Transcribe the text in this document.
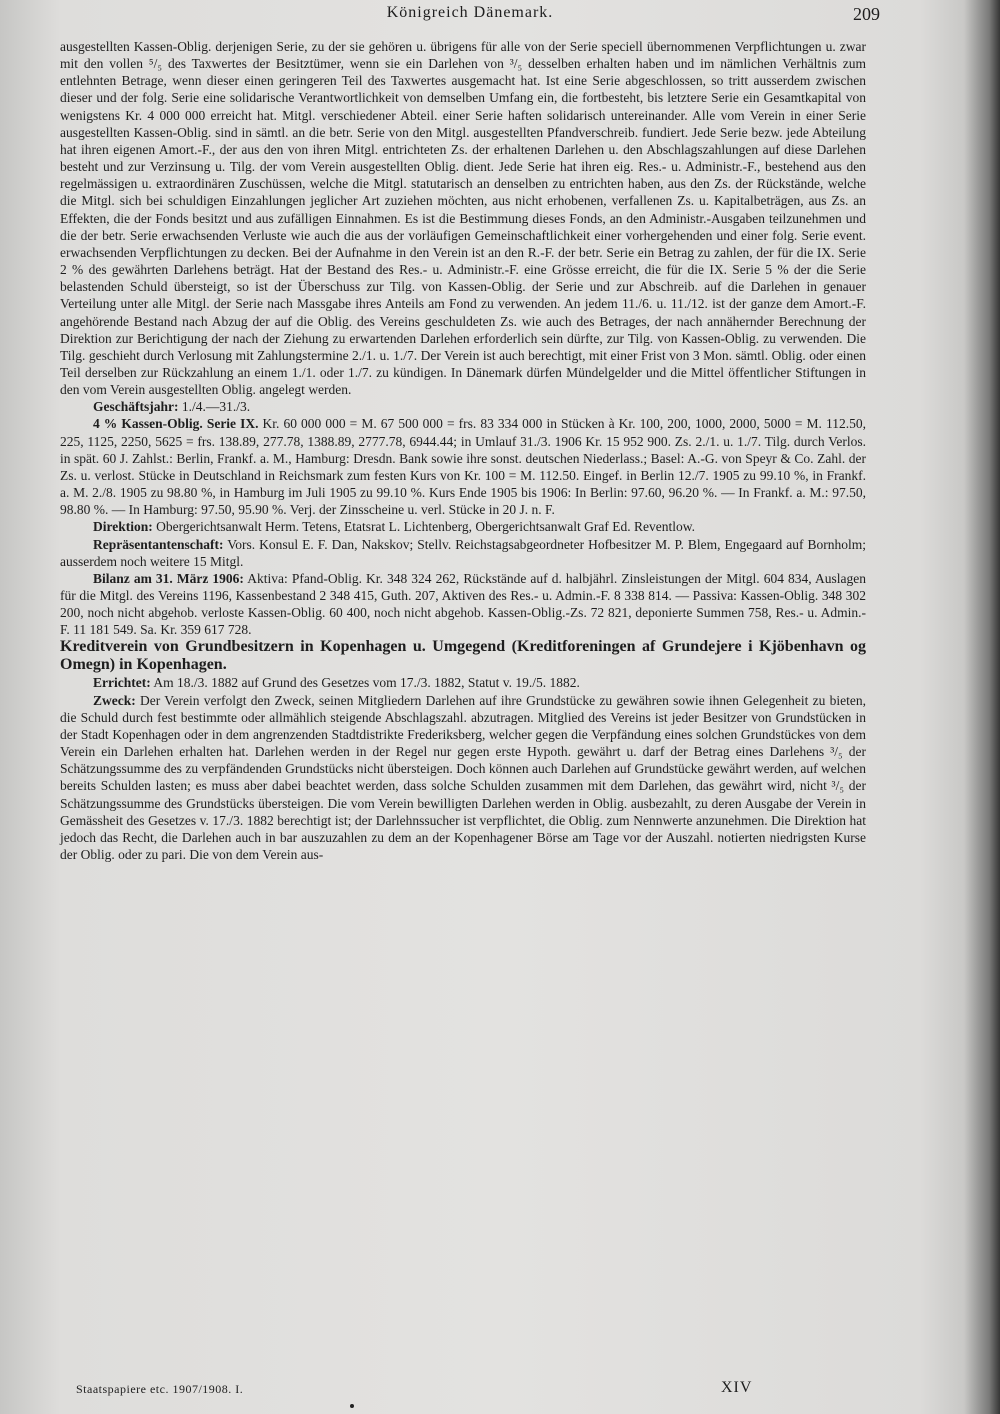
Königreich Dänemark.	209

ausgestellten Kassen-Oblig. derjenigen Serie, zu der sie gehören u. übrigens für alle von der Serie speciell übernommenen Verpflichtungen u. zwar mit den vollen ⁵/₅ des Taxwertes der Besitztümer, wenn sie ein Darlehen von ³/₅ desselben erhalten haben und im nämlichen Verhältnis zum entlehnten Betrage, wenn dieser einen geringeren Teil des Taxwertes ausgemacht hat. Ist eine Serie abgeschlossen, so tritt ausserdem zwischen dieser und der folg. Serie eine solidarische Verantwortlichkeit von demselben Umfang ein, die fortbesteht, bis letztere Serie ein Gesamtkapital von wenigstens Kr. 4 000 000 erreicht hat. Mitgl. verschiedener Abteil. einer Serie haften solidarisch untereinander. Alle vom Verein in einer Serie ausgestellten Kassen-Oblig. sind in sämtl. an die betr. Serie von den Mitgl. ausgestellten Pfandverschreib. fundiert. Jede Serie bezw. jede Abteilung hat ihren eigenen Amort.-F., der aus den von ihren Mitgl. entrichteten Zs. der erhaltenen Darlehen u. den Abschlagszahlungen auf diese Darlehen besteht und zur Verzinsung u. Tilg. der vom Verein ausgestellten Oblig. dient. Jede Serie hat ihren eig. Res.- u. Administr.-F., bestehend aus den regelmässigen u. extraordinären Zuschüssen, welche die Mitgl. statutarisch an denselben zu entrichten haben, aus den Zs. der Rückstände, welche die Mitgl. sich bei schuldigen Einzahlungen jeglicher Art zuziehen möchten, aus nicht erhobenen, verfallenen Zs. u. Kapitalbeträgen, aus Zs. an Effekten, die der Fonds besitzt und aus zufälligen Einnahmen. Es ist die Bestimmung dieses Fonds, an den Administr.-Ausgaben teilzunehmen und die der betr. Serie erwachsenden Verluste wie auch die aus der vorläufigen Gemeinschaftlichkeit einer vorhergehenden und einer folg. Serie event. erwachsenden Verpflichtungen zu decken. Bei der Aufnahme in den Verein ist an den R.-F. der betr. Serie ein Betrag zu zahlen, der für die IX. Serie 2 % des gewährten Darlehens beträgt. Hat der Bestand des Res.- u. Administr.-F. eine Grösse erreicht, die für die IX. Serie 5 % der die Serie belastenden Schuld übersteigt, so ist der Überschuss zur Tilg. von Kassen-Oblig. der Serie und zur Abschreib. auf die Darlehen in genauer Verteilung unter alle Mitgl. der Serie nach Massgabe ihres Anteils am Fond zu verwenden. An jedem 11./6. u. 11./12. ist der ganze dem Amort.-F. angehörende Bestand nach Abzug der auf die Oblig. des Vereins geschuldeten Zs. wie auch des Betrages, der nach annähernder Berechnung der Direktion zur Berichtigung der nach der Ziehung zu erwartenden Darlehen erforderlich sein dürfte, zur Tilg. von Kassen-Oblig. zu verwenden. Die Tilg. geschieht durch Verlosung mit Zahlungstermine 2./1. u. 1./7. Der Verein ist auch berechtigt, mit einer Frist von 3 Mon. sämtl. Oblig. oder einen Teil derselben zur Rückzahlung an einem 1./1. oder 1./7. zu kündigen. In Dänemark dürfen Mündelgelder und die Mittel öffentlicher Stiftungen in den vom Verein ausgestellten Oblig. angelegt werden.

Geschäftsjahr: 1./4.—31./3.

4 % Kassen-Oblig. Serie IX. Kr. 60 000 000 = M. 67 500 000 = frs. 83 334 000 in Stücken à Kr. 100, 200, 1000, 2000, 5000 = M. 112.50, 225, 1125, 2250, 5625 = frs. 138.89, 277.78, 1388.89, 2777.78, 6944.44; in Umlauf 31./3. 1906 Kr. 15 952 900. Zs. 2./1. u. 1./7. Tilg. durch Verlos. in spät. 60 J. Zahlst.: Berlin, Frankf. a. M., Hamburg: Dresdn. Bank sowie ihre sonst. deutschen Niederlass.; Basel: A.-G. von Speyr & Co. Zahl. der Zs. u. verlost. Stücke in Deutschland in Reichsmark zum festen Kurs von Kr. 100 = M. 112.50. Eingef. in Berlin 12./7. 1905 zu 99.10 %, in Frankf. a. M. 2./8. 1905 zu 98.80 %, in Hamburg im Juli 1905 zu 99.10 %. Kurs Ende 1905 bis 1906: In Berlin: 97.60, 96.20 %. — In Frankf. a. M.: 97.50, 98.80 %. — In Hamburg: 97.50, 95.90 %. Verj. der Zinsscheine u. verl. Stücke in 20 J. n. F.

Direktion: Obergerichtsanwalt Herm. Tetens, Etatsrat L. Lichtenberg, Obergerichtsanwalt Graf Ed. Reventlow.

Repräsentantenschaft: Vors. Konsul E. F. Dan, Nakskov; Stellv. Reichstagsabgeordneter Hofbesitzer M. P. Blem, Engegaard auf Bornholm; ausserdem noch weitere 15 Mitgl.

Bilanz am 31. März 1906: Aktiva: Pfand-Oblig. Kr. 348 324 262, Rückstände auf d. halbjährl. Zinsleistungen der Mitgl. 604 834, Auslagen für die Mitgl. des Vereins 1196, Kassenbestand 2 348 415, Guth. 207, Aktiven des Res.- u. Admin.-F. 8 338 814. — Passiva: Kassen-Oblig. 348 302 200, noch nicht abgehob. verloste Kassen-Oblig. 60 400, noch nicht abgehob. Kassen-Oblig.-Zs. 72 821, deponierte Summen 758, Res.- u. Admin.-F. 11 181 549. Sa. Kr. 359 617 728.

Kreditverein von Grundbesitzern in Kopenhagen u. Umgegend (Kreditforeningen af Grundejere i Kjöbenhavn og Omegn) in Kopenhagen.

Errichtet: Am 18./3. 1882 auf Grund des Gesetzes vom 17./3. 1882, Statut v. 19./5. 1882.

Zweck: Der Verein verfolgt den Zweck, seinen Mitgliedern Darlehen auf ihre Grundstücke zu gewähren sowie ihnen Gelegenheit zu bieten, die Schuld durch fest bestimmte oder allmählich steigende Abschlagszahl. abzutragen. Mitglied des Vereins ist jeder Besitzer von Grundstücken in der Stadt Kopenhagen oder in dem angrenzenden Stadtdistrikte Frederiksberg, welcher gegen die Verpfändung eines solchen Grundstückes von dem Verein ein Darlehen erhalten hat. Darlehen werden in der Regel nur gegen erste Hypoth. gewährt u. darf der Betrag eines Darlehens ³/₅ der Schätzungssumme des zu verpfändenden Grundstücks nicht übersteigen. Doch können auch Darlehen auf Grundstücke gewährt werden, auf welchen bereits Schulden lasten; es muss aber dabei beachtet werden, dass solche Schulden zusammen mit dem Darlehen, das gewährt wird, nicht ³/₅ der Schätzungssumme des Grundstücks übersteigen. Die vom Verein bewilligten Darlehen werden in Oblig. ausbezahlt, zu deren Ausgabe der Verein in Gemässheit des Gesetzes v. 17./3. 1882 berechtigt ist; der Darlehnssucher ist verpflichtet, die Oblig. zum Nennwerte anzunehmen. Die Direktion hat jedoch das Recht, die Darlehen auch in bar auszuzahlen zu dem an der Kopenhagener Börse am Tage vor der Auszahl. notierten niedrigsten Kurse der Oblig. oder zu pari. Die von dem Verein aus-

Staatspapiere etc. 1907/1908. I.	XIV
